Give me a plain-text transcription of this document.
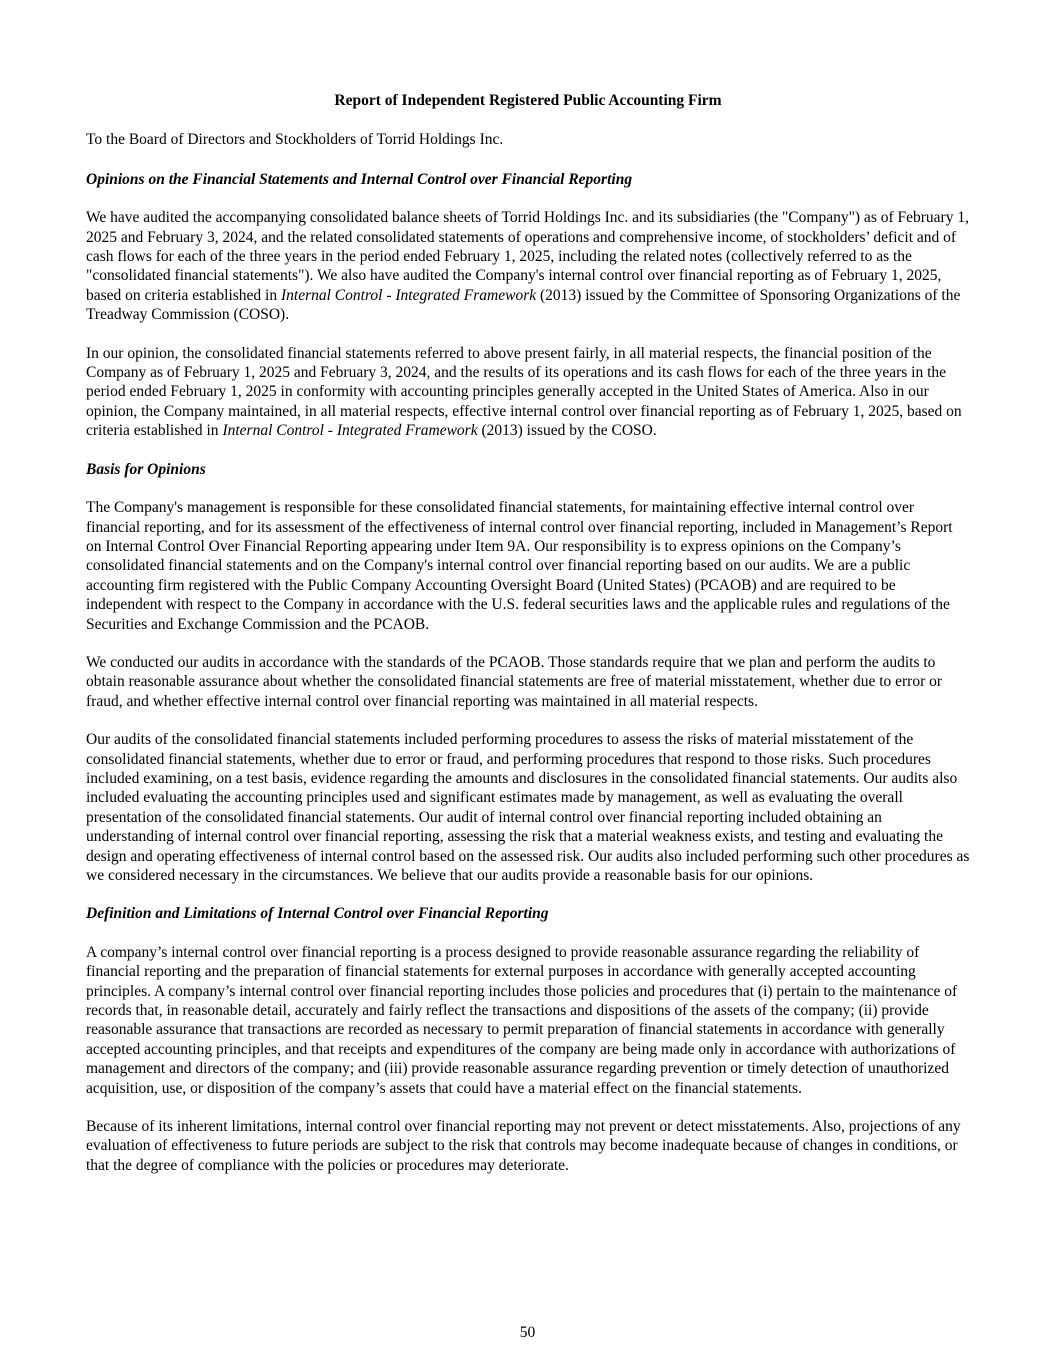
Report of Independent Registered Public Accounting Firm
To the Board of Directors and Stockholders of Torrid Holdings Inc.
Opinions on the Financial Statements and Internal Control over Financial Reporting

We have audited the accompanying consolidated balance sheets of Torrid Holdings Inc. and its subsidiaries (the "Company") as of February 1, 2025 and February 3, 2024, and the related consolidated statements of operations and comprehensive income, of stockholders’ deficit and of cash flows for each of the three years in the period ended February 1, 2025, including the related notes (collectively referred to as the "consolidated financial statements"). We also have audited the Company's internal control over financial reporting as of February 1, 2025, based on criteria established in Internal Control - Integrated Framework (2013) issued by the Committee of Sponsoring Organizations of the Treadway Commission (COSO).

In our opinion, the consolidated financial statements referred to above present fairly, in all material respects, the financial position of the Company as of February 1, 2025 and February 3, 2024, and the results of its operations and its cash flows for each of the three years in the period ended February 1, 2025 in conformity with accounting principles generally accepted in the United States of America. Also in our opinion, the Company maintained, in all material respects, effective internal control over financial reporting as of February 1, 2025, based on criteria established in Internal Control - Integrated Framework (2013) issued by the COSO.

Basis for Opinions

The Company's management is responsible for these consolidated financial statements, for maintaining effective internal control over financial reporting, and for its assessment of the effectiveness of internal control over financial reporting, included in Management’s Report on Internal Control Over Financial Reporting appearing under Item 9A. Our responsibility is to express opinions on the Company’s consolidated financial statements and on the Company's internal control over financial reporting based on our audits. We are a public accounting firm registered with the Public Company Accounting Oversight Board (United States) (PCAOB) and are required to be independent with respect to the Company in accordance with the U.S. federal securities laws and the applicable rules and regulations of the Securities and Exchange Commission and the PCAOB.

We conducted our audits in accordance with the standards of the PCAOB. Those standards require that we plan and perform the audits to obtain reasonable assurance about whether the consolidated financial statements are free of material misstatement, whether due to error or fraud, and whether effective internal control over financial reporting was maintained in all material respects.

Our audits of the consolidated financial statements included performing procedures to assess the risks of material misstatement of the consolidated financial statements, whether due to error or fraud, and performing procedures that respond to those risks. Such procedures included examining, on a test basis, evidence regarding the amounts and disclosures in the consolidated financial statements. Our audits also included evaluating the accounting principles used and significant estimates made by management, as well as evaluating the overall presentation of the consolidated financial statements. Our audit of internal control over financial reporting included obtaining an understanding of internal control over financial reporting, assessing the risk that a material weakness exists, and testing and evaluating the design and operating effectiveness of internal control based on the assessed risk. Our audits also included performing such other procedures as we considered necessary in the circumstances. We believe that our audits provide a reasonable basis for our opinions.

Definition and Limitations of Internal Control over Financial Reporting

A company’s internal control over financial reporting is a process designed to provide reasonable assurance regarding the reliability of financial reporting and the preparation of financial statements for external purposes in accordance with generally accepted accounting principles. A company’s internal control over financial reporting includes those policies and procedures that (i) pertain to the maintenance of records that, in reasonable detail, accurately and fairly reflect the transactions and dispositions of the assets of the company; (ii) provide reasonable assurance that transactions are recorded as necessary to permit preparation of financial statements in accordance with generally accepted accounting principles, and that receipts and expenditures of the company are being made only in accordance with authorizations of management and directors of the company; and (iii) provide reasonable assurance regarding prevention or timely detection of unauthorized acquisition, use, or disposition of the company’s assets that could have a material effect on the financial statements.

Because of its inherent limitations, internal control over financial reporting may not prevent or detect misstatements. Also, projections of any evaluation of effectiveness to future periods are subject to the risk that controls may become inadequate because of changes in conditions, or that the degree of compliance with the policies or procedures may deteriorate.

50
